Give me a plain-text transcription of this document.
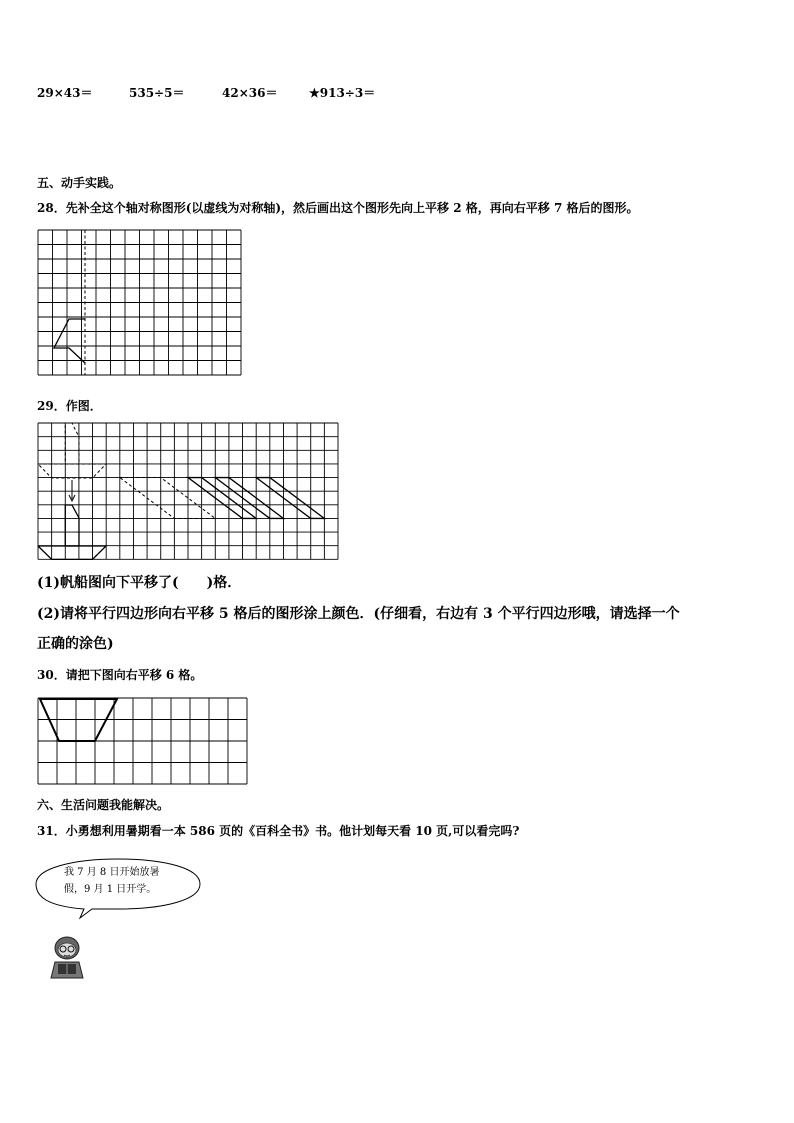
29×43＝	535÷5＝	42×36＝	★913÷3＝
五、动手实践。
28．先补全这个轴对称图形(以虚线为对称轴)，然后画出这个图形先向上平移 2 格，再向右平移 7 格后的图形。
29．作图．
(1)帆船图向下平移了(　　)格．
(2)请将平行四边形向右平移 5 格后的图形涂上颜色．(仔细看，右边有 3 个平行四边形哦，请选择一个
正确的涂色)
30．请把下图向右平移 6 格。
六、生活问题我能解决。
31．小勇想利用暑期看一本 586 页的《百科全书》书。他计划每天看 10 页,可以看完吗?
我 7 月 8 日开始放暑
假，9 月 1 日开学。
